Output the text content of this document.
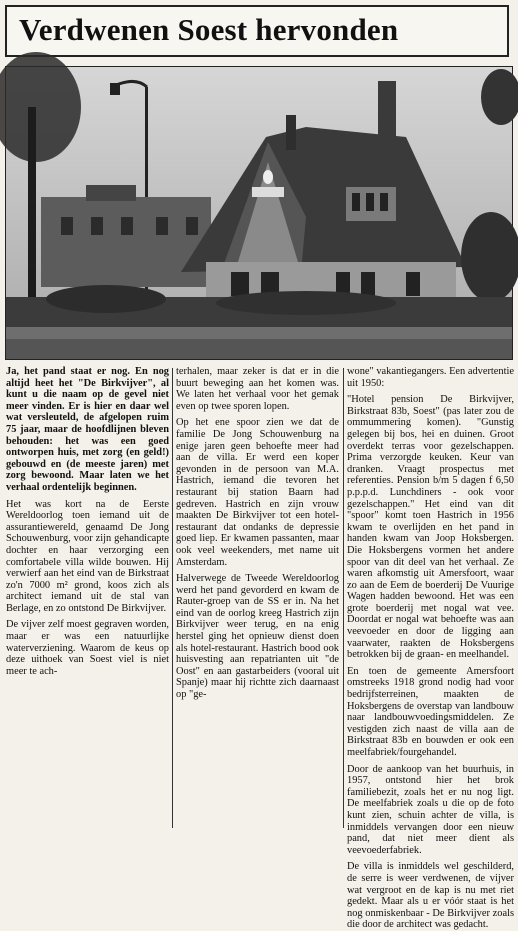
Verdwenen Soest hervonden

Ja, het pand staat er nog. En nog altijd heet het "De Birkvijver", al kunt u die naam op de gevel niet meer vinden. Er is hier en daar wel wat versleuteld, de afgelopen ruim 75 jaar, maar de hoofdlijnen bleven behouden: het was een goed ontworpen huis, met zorg (en geld!) gebouwd en (de meeste jaren) met zorg bewoond. Maar laten we het verhaal ordentelijk beginnen.

Het was kort na de Eerste Wereldoorlog toen iemand uit de assurantiewereld, genaamd De Jong Schouwenburg, voor zijn gehandicapte dochter en haar verzorging een comfortabele villa wilde bouwen. Hij verwierf aan het eind van de Birkstraat zo'n 7000 m² grond, koos zich als architect iemand uit de stal van Berlage, en zo ontstond De Birkvijver.

De vijver zelf moest gegraven worden, maar er was een natuurlijke waterverziening. Waarom de keus op deze uithoek van Soest viel is niet meer te ach-

terhalen, maar zeker is dat er in die buurt beweging aan het komen was. We laten het verhaal voor het gemak even op twee sporen lopen.

Op het ene spoor zien we dat de familie De Jong Schouwenburg na enige jaren geen behoefte meer had aan de villa. Er werd een koper gevonden in de persoon van M.A. Hastrich, iemand die tevoren het restaurant bij station Baarn had gedreven. Hastrich en zijn vrouw maakten De Birkvijver tot een hotel-restaurant dat ondanks de depressie goed liep. Er kwamen passanten, maar ook veel weekenders, met name uit Amsterdam.

Halverwege de Tweede Wereldoorlog werd het pand gevorderd en kwam de Rauter-groep van de SS er in. Na het eind van de oorlog kreeg Hastrich zijn Birkvijver weer terug, en na enig herstel ging het opnieuw dienst doen als hotel-restaurant. Hastrich bood ook huisvesting aan repatrianten uit "de Oost" en aan gastarbeiders (vooral uit Spanje) maar hij richtte zich daarnaast op "ge-

wone" vakantiegangers. Een advertentie uit 1950:

"Hotel pension De Birkvijver, Birkstraat 83b, Soest" (pas later zou de ommummering komen). "Gunstig gelegen bij bos, hei en duinen. Groot overdekt terras voor gezelschappen. Prima verzorgde keuken. Keur van dranken. Vraagt prospectus met referenties. Pension b/m 5 dagen f 6,50 p.p.p.d. Lunchdiners - ook voor gezelschappen." Het eind van dit "spoor" komt toen Hastrich in 1956 kwam te overlijden en het pand in handen kwam van Joop Hoksbergen. Die Hoksbergens vormen het andere spoor van dit deel van het verhaal. Ze waren afkomstig uit Amersfoort, waar zo aan de Eem de boerderij De Vuurige Wagen hadden bewoond. Het was een grote boerderij met nogal wat vee. Doordat er nogal wat behoefte was aan veevoeder en door de ligging aan vaarwater, raakten de Hoksbergens betrokken bij de graan- en meelhandel.

En toen de gemeente Amersfoort omstreeks 1918 grond nodig had voor bedrijfsterreinen, maakten de Hoksbergens de overstap van landbouw naar landbouwvoedingsmiddelen. Ze vestigden zich naast de villa aan de Birkstraat 83b en bouwden er ook een meelfabriek/fourgehandel.

Door de aankoop van het buurhuis, in 1957, ontstond hier het brok familiebezit, zoals het er nu nog ligt. De meelfabriek zoals u die op de foto kunt zien, schuin achter de villa, is inmiddels vervangen door een nieuw pand, dat niet meer dient als veevoederfabriek.

De villa is inmiddels wel geschilderd, de serre is weer verdwenen, de vijver wat vergroot en de kap is nu met riet gedekt. Maar als u er vóór staat is het nog onmiskenbaar - De Birkvijver zoals die door de architect was gedacht.
